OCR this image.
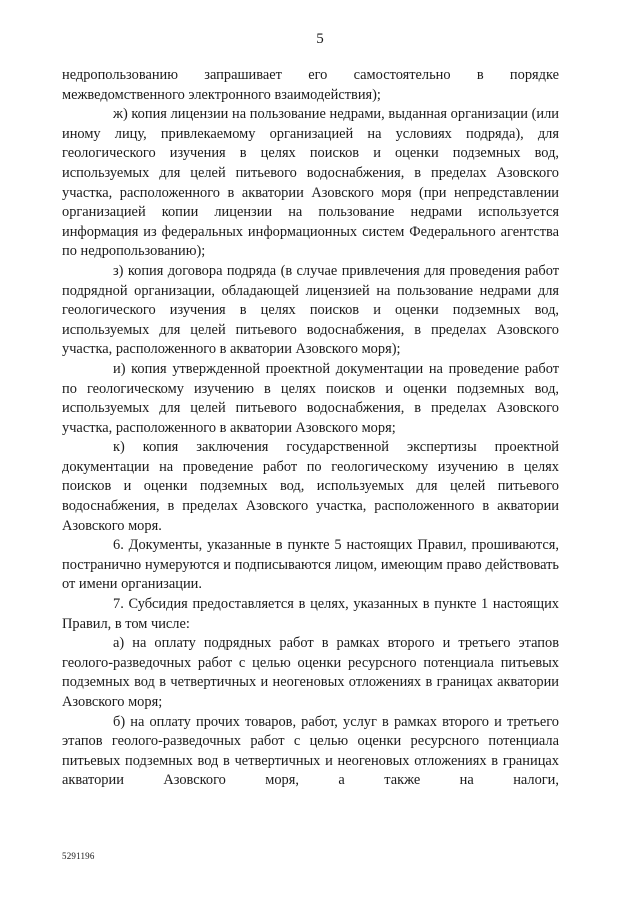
5

недропользованию запрашивает его самостоятельно в порядке межведомственного электронного взаимодействия);

ж) копия лицензии на пользование недрами, выданная организации (или иному лицу, привлекаемому организацией на условиях подряда), для геологического изучения в целях поисков и оценки подземных вод, используемых для целей питьевого водоснабжения, в пределах Азовского участка, расположенного в акватории Азовского моря (при непредставлении организацией копии лицензии на пользование недрами используется информация из федеральных информационных систем Федерального агентства по недропользованию);

з) копия договора подряда (в случае привлечения для проведения работ подрядной организации, обладающей лицензией на пользование недрами для геологического изучения в целях поисков и оценки подземных вод, используемых для целей питьевого водоснабжения, в пределах Азовского участка, расположенного в акватории Азовского моря);

и) копия утвержденной проектной документации на проведение работ по геологическому изучению в целях поисков и оценки подземных вод, используемых для целей питьевого водоснабжения, в пределах Азовского участка, расположенного в акватории Азовского моря;

к) копия заключения государственной экспертизы проектной документации на проведение работ по геологическому изучению в целях поисков и оценки подземных вод, используемых для целей питьевого водоснабжения, в пределах Азовского участка, расположенного в акватории Азовского моря.

6. Документы, указанные в пункте 5 настоящих Правил, прошиваются, постранично нумеруются и подписываются лицом, имеющим право действовать от имени организации.

7. Субсидия предоставляется в целях, указанных в пункте 1 настоящих Правил, в том числе:

а) на оплату подрядных работ в рамках второго и третьего этапов геолого-разведочных работ с целью оценки ресурсного потенциала питьевых подземных вод в четвертичных и неогеновых отложениях в границах акватории Азовского моря;

б) на оплату прочих товаров, работ, услуг в рамках второго и третьего этапов геолого-разведочных работ с целью оценки ресурсного потенциала питьевых подземных вод в четвертичных и неогеновых отложениях в границах акватории Азовского моря, а также на налоги,

5291196
